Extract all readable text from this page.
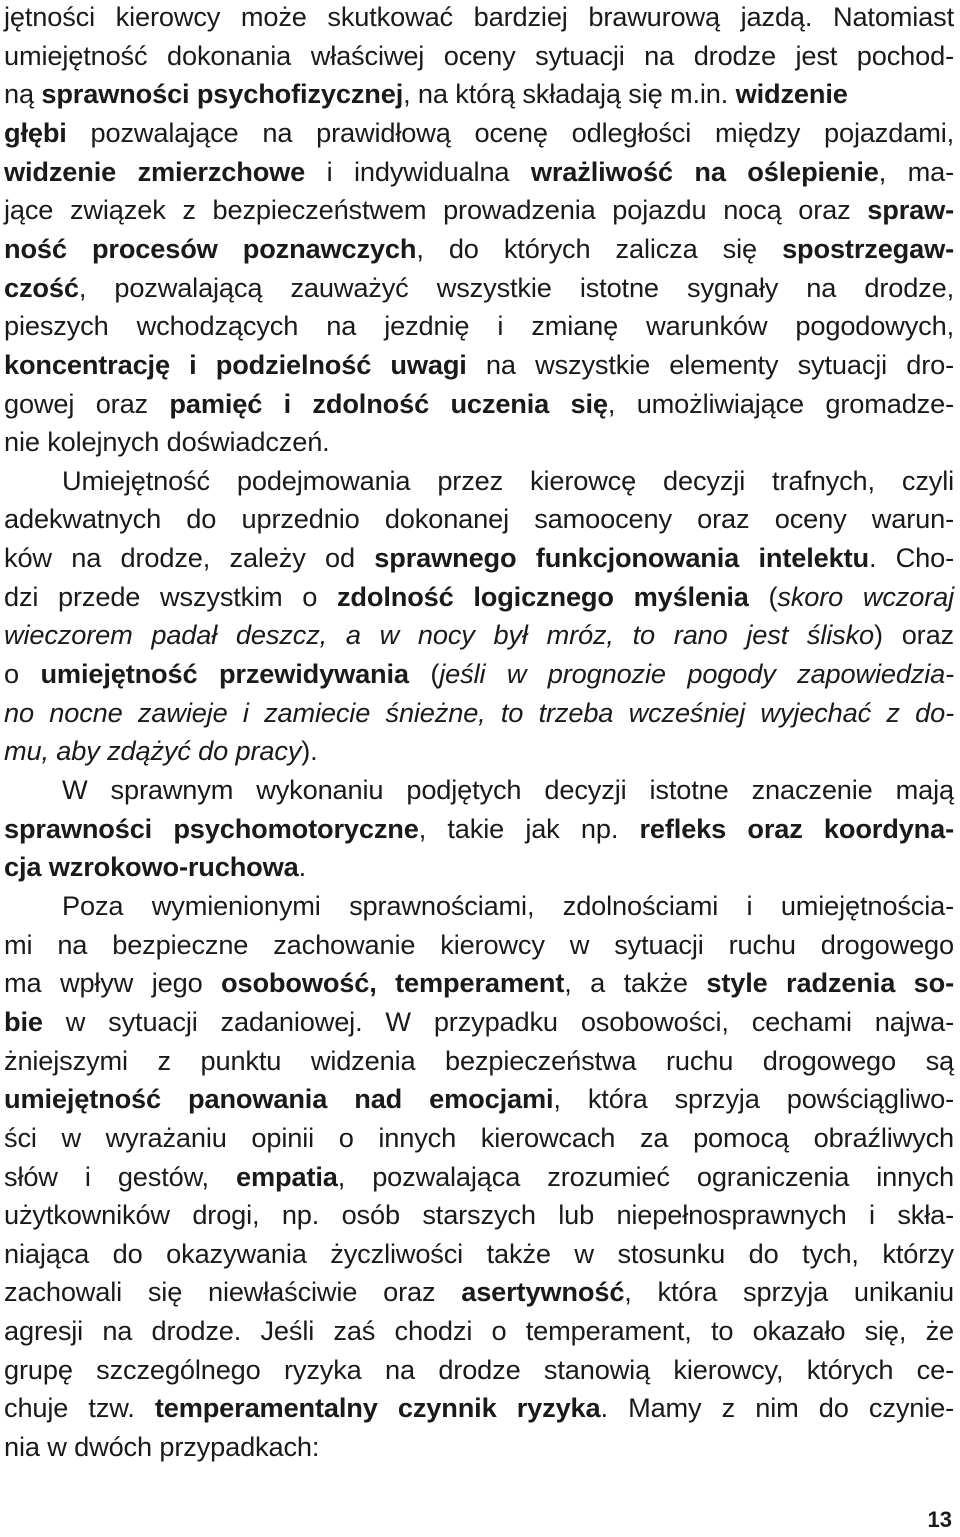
jętności kierowcy może skutkować bardziej brawurową jazdą. Natomiast
umiejętność dokonania właściwej oceny sytuacji na drodze jest pochod-
ną sprawności psychofizycznej, na którą składają się m.in. widzenie
głębi pozwalające na prawidłową ocenę odległości między pojazdami,
widzenie zmierzchowe i indywidualna wrażliwość na oślepienie, ma-
jące związek z bezpieczeństwem prowadzenia pojazdu nocą oraz spraw-
ność procesów poznawczych, do których zalicza się spostrzegaw-
czość, pozwalającą zauważyć wszystkie istotne sygnały na drodze,
pieszych wchodzących na jezdnię i zmianę warunków pogodowych,
koncentrację i podzielność uwagi na wszystkie elementy sytuacji dro-
gowej oraz pamięć i zdolność uczenia się, umożliwiające gromadze-
nie kolejnych doświadczeń.
Umiejętność podejmowania przez kierowcę decyzji trafnych, czyli
adekwatnych do uprzednio dokonanej samooceny oraz oceny warun-
ków na drodze, zależy od sprawnego funkcjonowania intelektu. Cho-
dzi przede wszystkim o zdolność logicznego myślenia (skoro wczoraj
wieczorem padał deszcz, a w nocy był mróz, to rano jest ślisko) oraz
o umiejętność przewidywania (jeśli w prognozie pogody zapowiedzia-
no nocne zawieje i zamiecie śnieżne, to trzeba wcześniej wyjechać z do-
mu, aby zdążyć do pracy).
W sprawnym wykonaniu podjętych decyzji istotne znaczenie mają
sprawności psychomotoryczne, takie jak np. refleks oraz koordyna-
cja wzrokowo-ruchowa.
Poza wymienionymi sprawnościami, zdolnościami i umiejętnościa-
mi na bezpieczne zachowanie kierowcy w sytuacji ruchu drogowego
ma wpływ jego osobowość, temperament, a także style radzenia so-
bie w sytuacji zadaniowej. W przypadku osobowości, cechami najwa-
żniejszymi z punktu widzenia bezpieczeństwa ruchu drogowego są
umiejętność panowania nad emocjami, która sprzyja powściągliwo-
ści w wyrażaniu opinii o innych kierowcach za pomocą obraźliwych
słów i gestów, empatia, pozwalająca zrozumieć ograniczenia innych
użytkowników drogi, np. osób starszych lub niepełnosprawnych i skła-
niająca do okazywania życzliwości także w stosunku do tych, którzy
zachowali się niewłaściwie oraz asertywność, która sprzyja unikaniu
agresji na drodze. Jeśli zaś chodzi o temperament, to okazało się, że
grupę szczególnego ryzyka na drodze stanowią kierowcy, których ce-
chuje tzw. temperamentalny czynnik ryzyka. Mamy z nim do czynie-
nia w dwóch przypadkach:
13
